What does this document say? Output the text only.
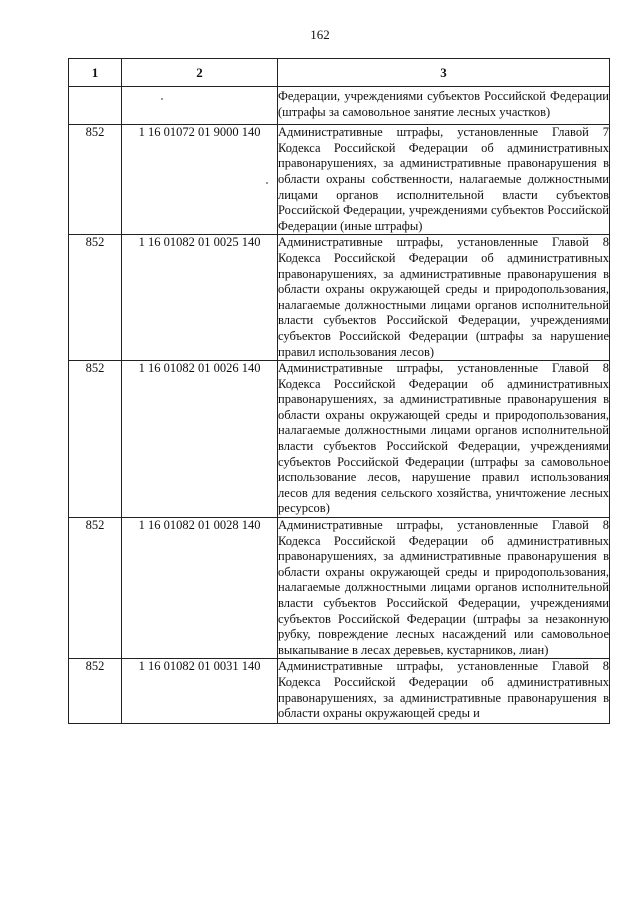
162
1	2	3
		Федерации, учреждениями субъектов Российской Федерации (штрафы за самовольное занятие лесных участков)
852	1 16 01072 01 9000 140	Административные штрафы, установленные Главой 7 Кодекса Российской Федерации об административных правонарушениях, за административные правонарушения в области охраны собственности, налагаемые должностными лицами органов исполнительной власти субъектов Российской Федерации, учреждениями субъектов Российской Федерации (иные штрафы)
852	1 16 01082 01 0025 140	Административные штрафы, установленные Главой 8 Кодекса Российской Федерации об административных правонарушениях, за административные правонарушения в области охраны окружающей среды и природопользования, налагаемые должностными лицами органов исполнительной власти субъектов Российской Федерации, учреждениями субъектов Российской Федерации (штрафы за нарушение правил использования лесов)
852	1 16 01082 01 0026 140	Административные штрафы, установленные Главой 8 Кодекса Российской Федерации об административных правонарушениях, за административные правонарушения в области охраны окружающей среды и природопользования, налагаемые должностными лицами органов исполнительной власти субъектов Российской Федерации, учреждениями субъектов Российской Федерации (штрафы за самовольное использование лесов, нарушение правил использования лесов для ведения сельского хозяйства, уничтожение лесных ресурсов)
852	1 16 01082 01 0028 140	Административные штрафы, установленные Главой 8 Кодекса Российской Федерации об административных правонарушениях, за административные правонарушения в области охраны окружающей среды и природопользования, налагаемые должностными лицами органов исполнительной власти субъектов Российской Федерации, учреждениями субъектов Российской Федерации (штрафы за незаконную рубку, повреждение лесных насаждений или самовольное выкапывание в лесах деревьев, кустарников, лиан)
852	1 16 01082 01 0031 140	Административные штрафы, установленные Главой 8 Кодекса Российской Федерации об административных правонарушениях, за административные правонарушения в области охраны окружающей среды и
